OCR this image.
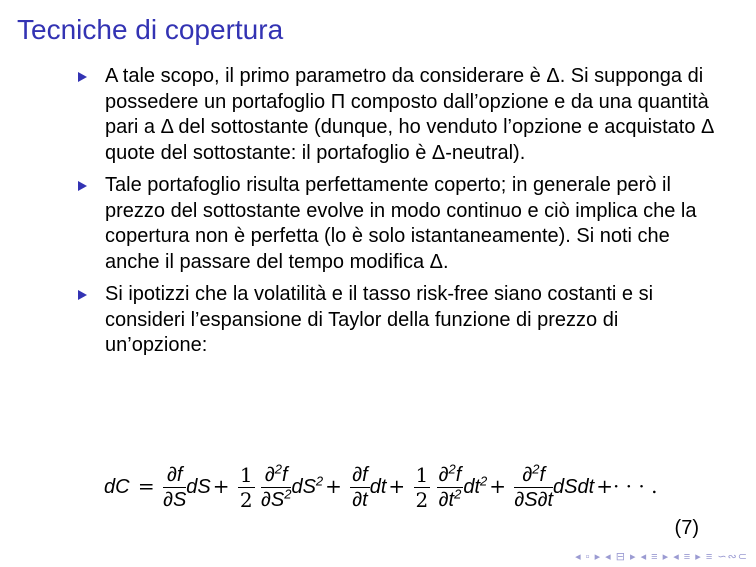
Tecniche di copertura
A tale scopo, il primo parametro da considerare è Δ. Si supponga di possedere un portafoglio Π composto dall’opzione e da una quantità pari a Δ del sottostante (dunque, ho venduto l’opzione e acquistato Δ quote del sottostante: il portafoglio è Δ-neutral).
Tale portafoglio risulta perfettamente coperto; in generale però il prezzo del sottostante evolve in modo continuo e ciò implica che la copertura non è perfetta (lo è solo istantaneamente). Si noti che anche il passare del tempo modifica Δ.
Si ipotizzi che la volatilità e il tasso risk-free siano costanti e si consideri l’espansione di Taylor della funzione di prezzo di un’opzione:
dC = $\frac{\partial f}{\partial S}$ dS + $\frac{1}{2}$
$\frac{\partial^2f}{\partial S^2} dS^2 + \frac{\partial f}{\partial t}$ dt + $\frac{1}{2}$
$\frac{\partial^2f}{\partial t^2} dt^2 + \frac{\partial^2f}{\partial S\partial t}$ dSdt +· · · .
(7)
◂ ▫ ▸ ◂ ⊟ ▸ ◂ ≡ ▸ ◂ ≡ ▸ ≡ ∽∾⊂
